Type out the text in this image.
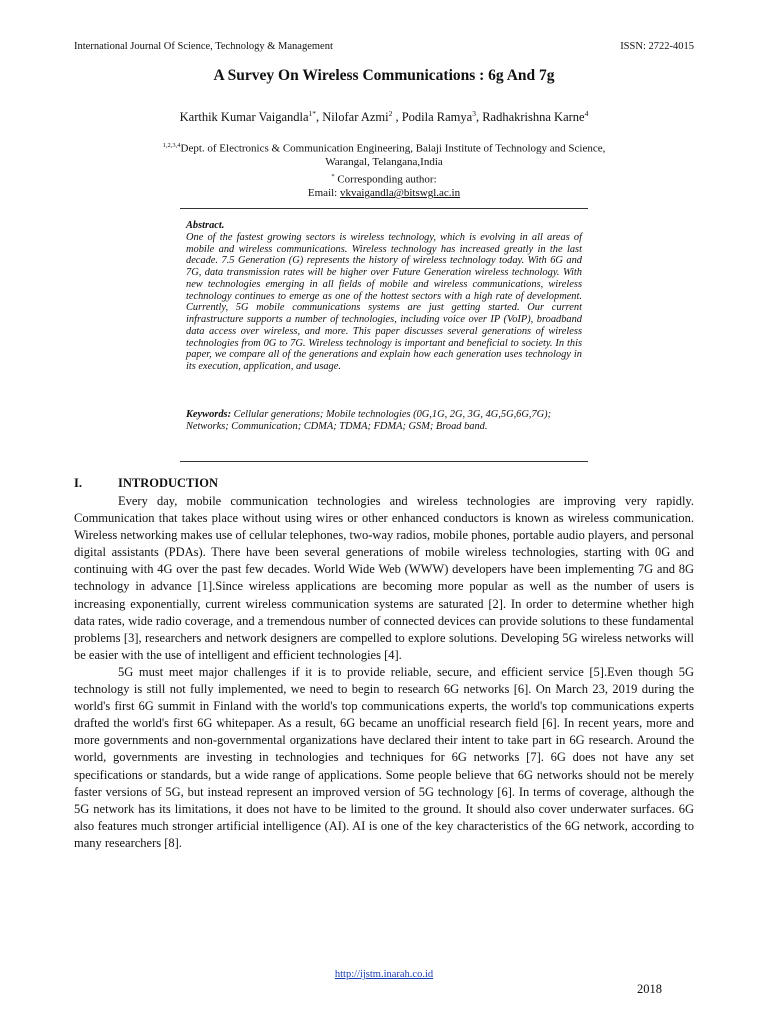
International Journal Of Science, Technology & Management	ISSN: 2722-4015
A Survey On Wireless Communications : 6g And 7g
Karthik Kumar Vaigandla$^{1*}$, Nilofar Azmi$^2$ , Podila Ramya$^3$, Radhakrishna Karne$^4$
$^{1,2,3,4}$Dept. of Electronics & Communication Engineering, Balaji Institute of Technology and Science,
Warangal, Telangana,India
* Corresponding author:
Email: vkvaigandla@bitswgl.ac.in
Abstract.
One of the fastest growing sectors is wireless technology, which is evolving in all areas of mobile and wireless communications. Wireless technology has increased greatly in the last decade. 7.5 Generation (G) represents the history of wireless technology today. With 6G and 7G, data transmission rates will be higher over Future Generation wireless technology. With new technologies emerging in all fields of mobile and wireless communications, wireless technology continues to emerge as one of the hottest sectors with a high rate of development. Currently, 5G mobile communications systems are just getting started. Our current infrastructure supports a number of technologies, including voice over IP (VoIP), broadband data access over wireless, and more. This paper discusses several generations of wireless technologies from 0G to 7G. Wireless technology is important and beneficial to society. In this paper, we compare all of the generations and explain how each generation uses technology in its execution, application, and usage.
Keywords: Cellular generations; Mobile technologies (0G,1G, 2G, 3G, 4G,5G,6G,7G); Networks; Communication; CDMA; TDMA; FDMA; GSM; Broad band.
I.	INTRODUCTION

Every day, mobile communication technologies and wireless technologies are improving very rapidly. Communication that takes place without using wires or other enhanced conductors is known as wireless communication. Wireless networking makes use of cellular telephones, two-way radios, mobile phones, portable audio players, and personal digital assistants (PDAs). There have been several generations of mobile wireless technologies, starting with 0G and continuing with 4G over the past few decades. World Wide Web (WWW) developers have been implementing 7G and 8G technology in advance [1].Since wireless applications are becoming more popular as well as the number of users is increasing exponentially, current wireless communication systems are saturated [2]. In order to determine whether high data rates, wide radio coverage, and a tremendous number of connected devices can provide solutions to these fundamental problems [3], researchers and network designers are compelled to explore solutions. Developing 5G wireless networks will be easier with the use of intelligent and efficient technologies [4].

5G must meet major challenges if it is to provide reliable, secure, and efficient service [5].Even though 5G technology is still not fully implemented, we need to begin to research 6G networks [6]. On March 23, 2019 during the world's first 6G summit in Finland with the world's top communications experts, the world's top communications experts drafted the world's first 6G whitepaper. As a result, 6G became an unofficial research field [6]. In recent years, more and more governments and non-governmental organizations have declared their intent to take part in 6G research. Around the world, governments are investing in technologies and techniques for 6G networks [7]. 6G does not have any set specifications or standards, but a wide range of applications. Some people believe that 6G networks should not be merely faster versions of 5G, but instead represent an improved version of 5G technology [6]. In terms of coverage, although the 5G network has its limitations, it does not have to be limited to the ground. It should also cover underwater surfaces. 6G also features much stronger artificial intelligence (AI). AI is one of the key characteristics of the 6G network, according to many researchers [8].

http://ijstm.inarah.co.id
2018
